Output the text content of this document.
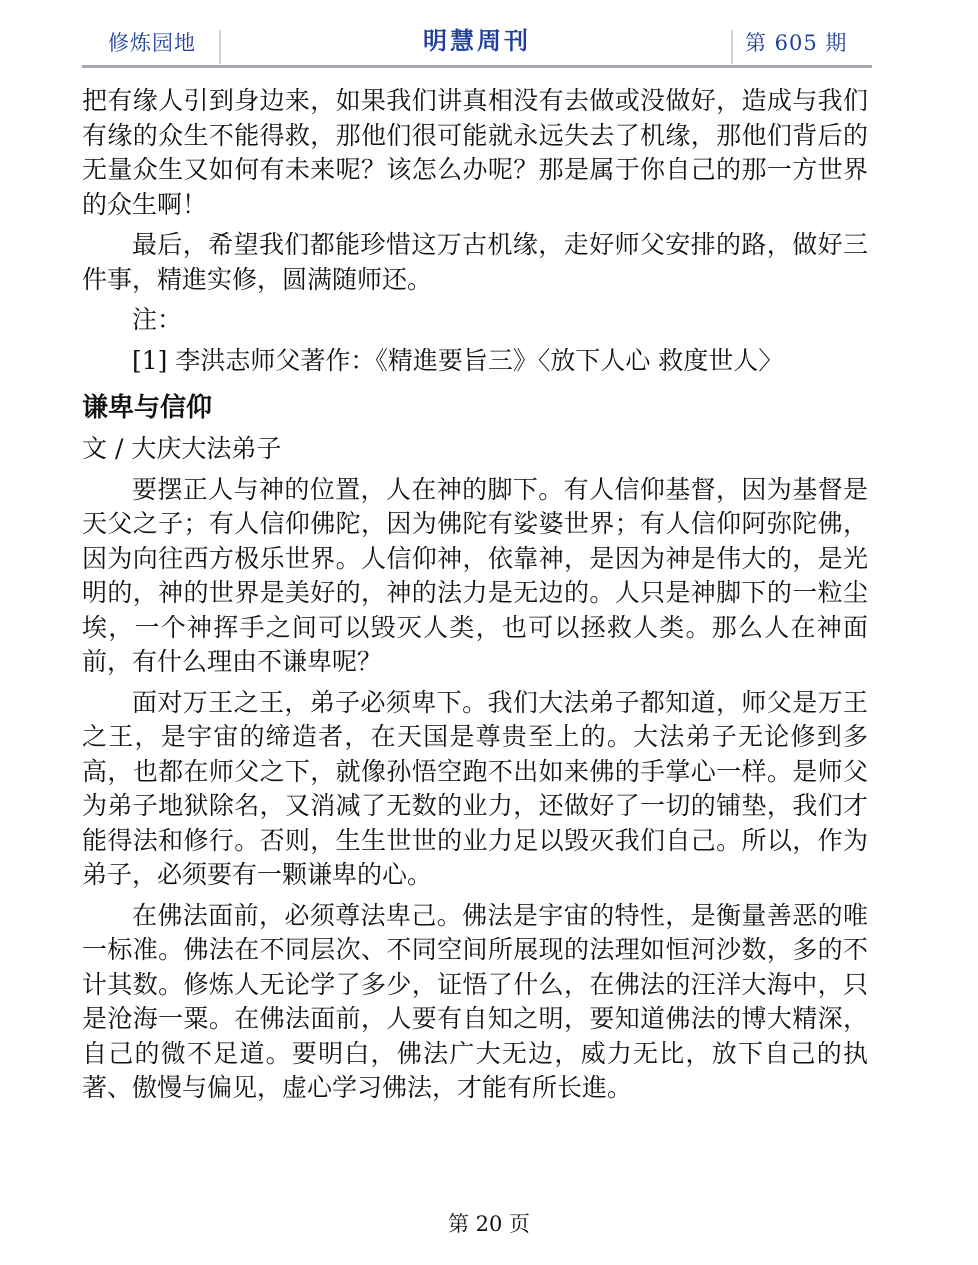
修炼园地	明慧周刊	第 605 期

把有缘人引到身边来，如果我们讲真相没有去做或没做好，造成与我们有缘的众生不能得救，那他们很可能就永远失去了机缘，那他们背后的无量众生又如何有未来呢？该怎么办呢？那是属于你自己的那一方世界的众生啊！

最后，希望我们都能珍惜这万古机缘，走好师父安排的路，做好三件事，精進实修，圆满随师还。

注：

[1] 李洪志师父著作：《精進要旨三》〈放下人心 救度世人〉

谦卑与信仰

文 / 大庆大法弟子

要摆正人与神的位置，人在神的脚下。有人信仰基督，因为基督是天父之子；有人信仰佛陀，因为佛陀有娑婆世界；有人信仰阿弥陀佛，因为向往西方极乐世界。人信仰神，依靠神，是因为神是伟大的，是光明的，神的世界是美好的，神的法力是无边的。人只是神脚下的一粒尘埃，一个神挥手之间可以毁灭人类，也可以拯救人类。那么人在神面前，有什么理由不谦卑呢？

面对万王之王，弟子必须卑下。我们大法弟子都知道，师父是万王之王，是宇宙的缔造者，在天国是尊贵至上的。大法弟子无论修到多高，也都在师父之下，就像孙悟空跑不出如来佛的手掌心一样。是师父为弟子地狱除名，又消减了无数的业力，还做好了一切的铺垫，我们才能得法和修行。否则，生生世世的业力足以毁灭我们自己。所以，作为弟子，必须要有一颗谦卑的心。

在佛法面前，必须尊法卑己。佛法是宇宙的特性，是衡量善恶的唯一标准。佛法在不同层次、不同空间所展现的法理如恒河沙数，多的不计其数。修炼人无论学了多少，证悟了什么，在佛法的汪洋大海中，只是沧海一粟。在佛法面前，人要有自知之明，要知道佛法的博大精深，自己的微不足道。要明白，佛法广大无边，威力无比，放下自己的执著、傲慢与偏见，虚心学习佛法，才能有所长進。

第 20 页
